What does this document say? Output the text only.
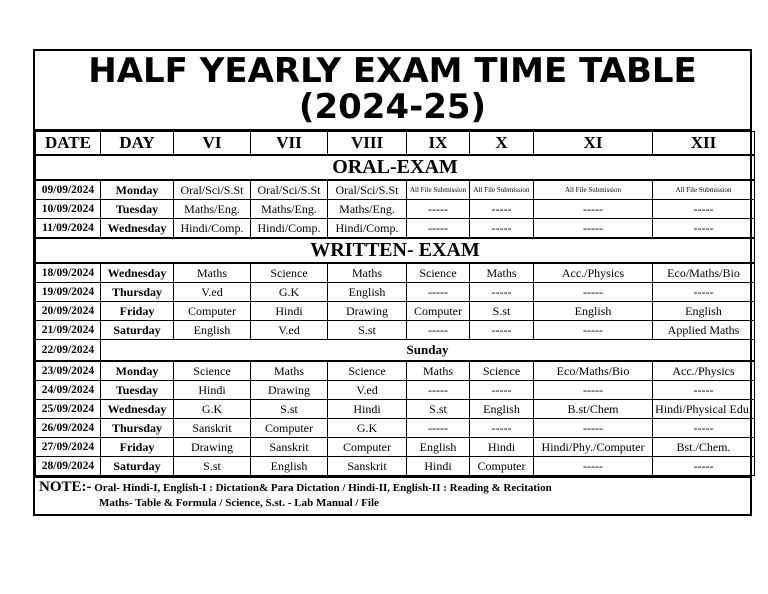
HALF YEARLY EXAM TIME TABLE
(2024-25)
DATE	DAY	VI	VII	VIII	IX	X	XI	XII
ORAL-EXAM								
09/09/2024	Monday	Oral/Sci/S.St	Oral/Sci/S.St	Oral/Sci/S.St	All File Submission	All File Submission	All File Submission	All File Submission
10/09/2024	Tuesday	Maths/Eng.	Maths/Eng.	Maths/Eng.	-----	-----	-----	-----
11/09/2024	Wednesday	Hindi/Comp.	Hindi/Comp.	Hindi/Comp.	-----	-----	-----	-----
WRITTEN- EXAM								
18/09/2024	Wednesday	Maths	Science	Maths	Science	Maths	Acc./Physics	Eco/Maths/Bio
19/09/2024	Thursday	V.ed	G.K	English	-----	-----	-----	-----
20/09/2024	Friday	Computer	Hindi	Drawing	Computer	S.st	English	English
21/09/2024	Saturday	English	V.ed	S.st	-----	-----	-----	Applied Maths
22/09/2024	Sunday							
23/09/2024	Monday	Science	Maths	Science	Maths	Science	Eco/Maths/Bio	Acc./Physics
24/09/2024	Tuesday	Hindi	Drawing	V.ed	-----	-----	-----	-----
25/09/2024	Wednesday	G.K	S.st	Hindi	S.st	English	B.st/Chem	Hindi/Physical Edu.
26/09/2024	Thursday	Sanskrit	Computer	G.K	-----	-----	-----	-----
27/09/2024	Friday	Drawing	Sanskrit	Computer	English	Hindi	Hindi/Phy./Computer	Bst./Chem.
28/09/2024	Saturday	S.st	English	Sanskrit	Hindi	Computer	-----	-----
NOTE:- Oral- Hindi-I, English-I : Dictation& Para Dictation / Hindi-II, English-II : Reading & Recitation
Maths- Table & Formula / Science, S.st. - Lab Manual / File
